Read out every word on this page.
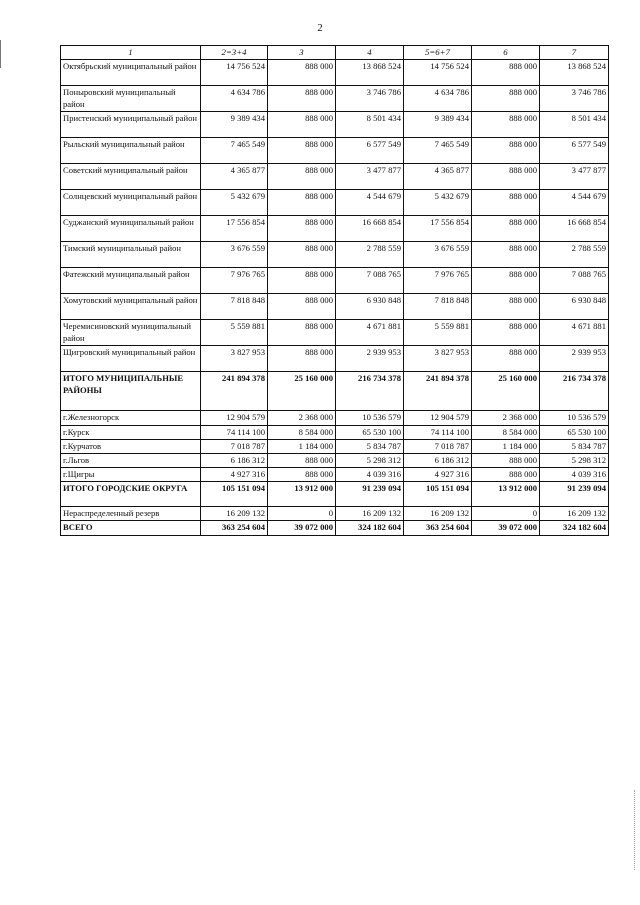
2
1	2=3+4	3	4	5=6+7	6	7
Октябрьский муниципальный район	14 756 524	888 000	13 868 524	14 756 524	888 000	13 868 524
Поныровский муниципальный район	4 634 786	888 000	3 746 786	4 634 786	888 000	3 746 786
Пристенский муниципальный район	9 389 434	888 000	8 501 434	9 389 434	888 000	8 501 434
Рыльский муниципальный район	7 465 549	888 000	6 577 549	7 465 549	888 000	6 577 549
Советский муниципальный район	4 365 877	888 000	3 477 877	4 365 877	888 000	3 477 877
Солнцевский муниципальный район	5 432 679	888 000	4 544 679	5 432 679	888 000	4 544 679
Суджанский муниципальный район	17 556 854	888 000	16 668 854	17 556 854	888 000	16 668 854
Тимский муниципальный район	3 676 559	888 000	2 788 559	3 676 559	888 000	2 788 559
Фатежский муниципальный район	7 976 765	888 000	7 088 765	7 976 765	888 000	7 088 765
Хомутовский муниципальный район	7 818 848	888 000	6 930 848	7 818 848	888 000	6 930 848
Черемисиновский муниципальный район	5 559 881	888 000	4 671 881	5 559 881	888 000	4 671 881
Щигровский муниципальный район	3 827 953	888 000	2 939 953	3 827 953	888 000	2 939 953
ИТОГО МУНИЦИПАЛЬНЫЕ РАЙОНЫ	241 894 378	25 160 000	216 734 378	241 894 378	25 160 000	216 734 378
г.Железногорск	12 904 579	2 368 000	10 536 579	12 904 579	2 368 000	10 536 579
г.Курск	74 114 100	8 584 000	65 530 100	74 114 100	8 584 000	65 530 100
г.Курчатов	7 018 787	1 184 000	5 834 787	7 018 787	1 184 000	5 834 787
г.Льгов	6 186 312	888 000	5 298 312	6 186 312	888 000	5 298 312
г.Щигры	4 927 316	888 000	4 039 316	4 927 316	888 000	4 039 316
ИТОГО ГОРОДСКИЕ ОКРУГА	105 151 094	13 912 000	91 239 094	105 151 094	13 912 000	91 239 094
Нераспределенный резерв	16 209 132	0	16 209 132	16 209 132	0	16 209 132
ВСЕГО	363 254 604	39 072 000	324 182 604	363 254 604	39 072 000	324 182 604
